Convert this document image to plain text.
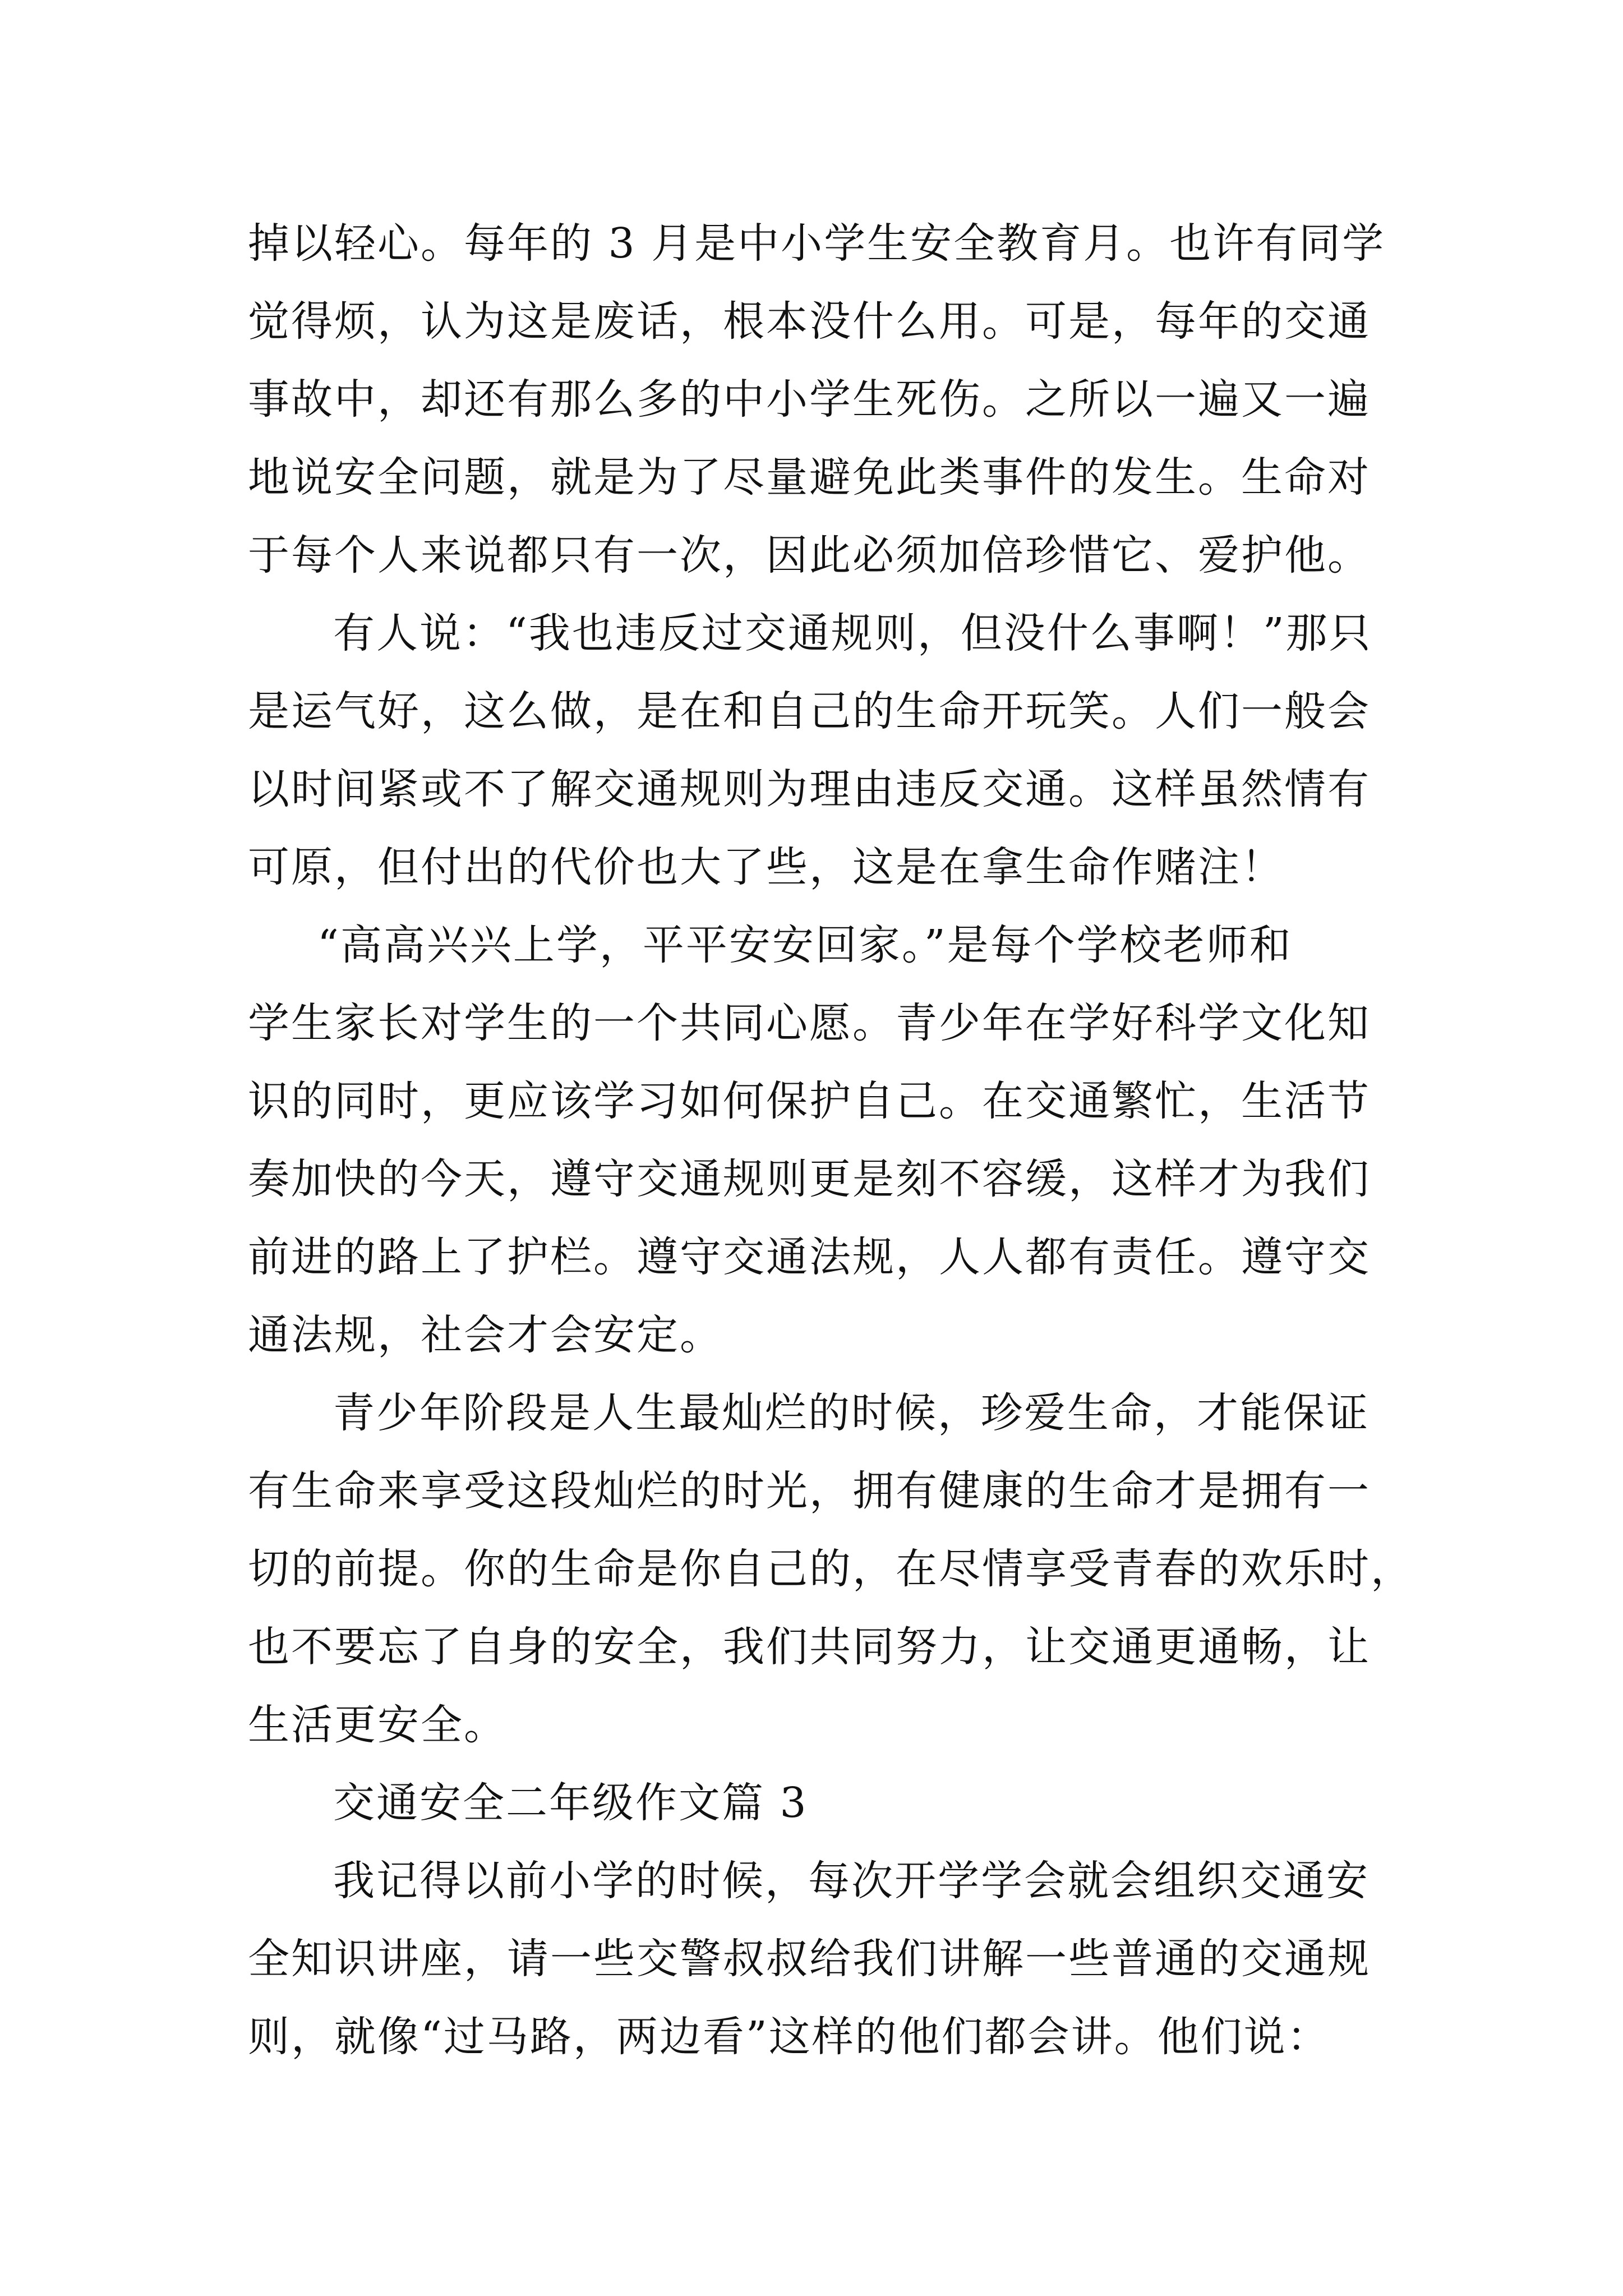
掉以轻心。每年的 3 月是中小学生安全教育月。也许有同学
觉得烦，认为这是废话，根本没什么用。可是，每年的交通
事故中，却还有那么多的中小学生死伤。之所以一遍又一遍
地说安全问题，就是为了尽量避免此类事件的发生。生命对
于每个人来说都只有一次，因此必须加倍珍惜它、爱护他。
有人说：“我也违反过交通规则，但没什么事啊！”那只
是运气好，这么做，是在和自己的生命开玩笑。人们一般会
以时间紧或不了解交通规则为理由违反交通。这样虽然情有
可原，但付出的代价也大了些，这是在拿生命作赌注！
“高高兴兴上学，平平安安回家。”是每个学校老师和
学生家长对学生的一个共同心愿。青少年在学好科学文化知
识的同时，更应该学习如何保护自己。在交通繁忙，生活节
奏加快的今天，遵守交通规则更是刻不容缓，这样才为我们
前进的路上了护栏。遵守交通法规，人人都有责任。遵守交
通法规，社会才会安定。
青少年阶段是人生最灿烂的时候，珍爱生命，才能保证
有生命来享受这段灿烂的时光，拥有健康的生命才是拥有一
切的前提。你的生命是你自己的，在尽情享受青春的欢乐时，
也不要忘了自身的安全，我们共同努力，让交通更通畅，让
生活更安全。
交通安全二年级作文篇 3
我记得以前小学的时候，每次开学学会就会组织交通安
全知识讲座，请一些交警叔叔给我们讲解一些普通的交通规
则，就像“过马路，两边看”这样的他们都会讲。他们说：
